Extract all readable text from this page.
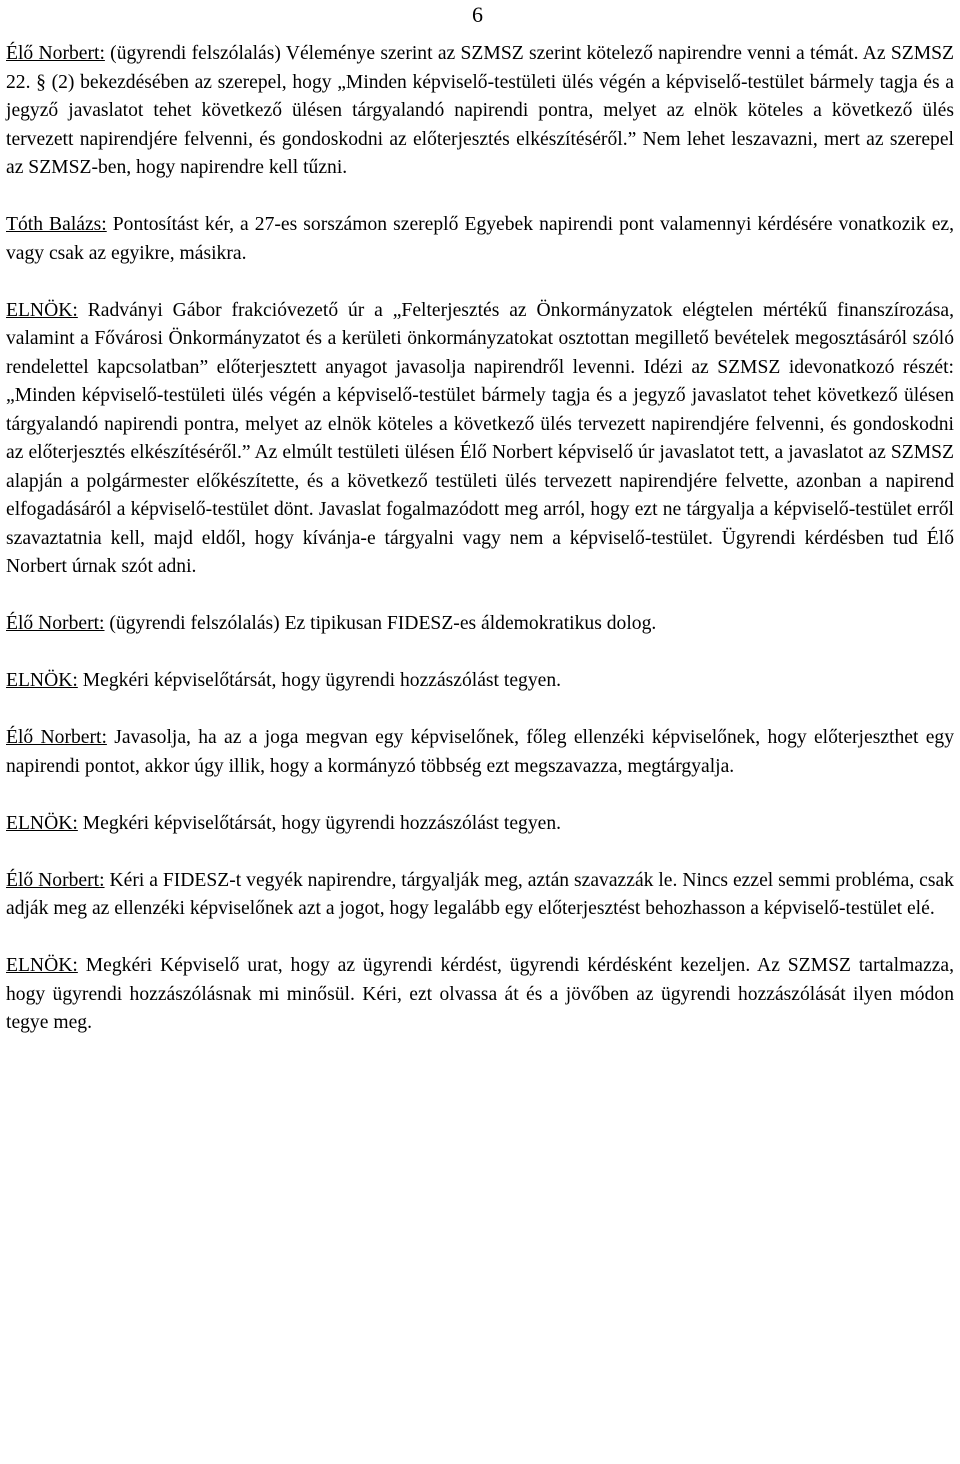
6

Élő Norbert: (ügyrendi felszólalás) Véleménye szerint az SZMSZ szerint kötelező napirendre venni a témát. Az SZMSZ 22. § (2) bekezdésében az szerepel, hogy „Minden képviselő-testületi ülés végén a képviselő-testület bármely tagja és a jegyző javaslatot tehet következő ülésen tárgyalandó napirendi pontra, melyet az elnök köteles a következő ülés tervezett napirendjére felvenni, és gondoskodni az előterjesztés elkészítéséről.” Nem lehet leszavazni, mert az szerepel az SZMSZ-ben, hogy napirendre kell tűzni.

Tóth Balázs: Pontosítást kér, a 27-es sorszámon szereplő Egyebek napirendi pont valamennyi kérdésére vonatkozik ez, vagy csak az egyikre, másikra.

ELNÖK: Radványi Gábor frakcióvezető úr a „Felterjesztés az Önkormányzatok elégtelen mértékű finanszírozása, valamint a Fővárosi Önkormányzatot és a kerületi önkormányzatokat osztottan megillető bevételek megosztásáról szóló rendelettel kapcsolatban” előterjesztett anyagot javasolja napirendről levenni. Idézi az SZMSZ idevonatkozó részét: „Minden képviselő-testületi ülés végén a képviselő-testület bármely tagja és a jegyző javaslatot tehet következő ülésen tárgyalandó napirendi pontra, melyet az elnök köteles a következő ülés tervezett napirendjére felvenni, és gondoskodni az előterjesztés elkészítéséről.” Az elmúlt testületi ülésen Élő Norbert képviselő úr javaslatot tett, a javaslatot az SZMSZ alapján a polgármester előkészítette, és a következő testületi ülés tervezett napirendjére felvette, azonban a napirend elfogadásáról a képviselő-testület dönt. Javaslat fogalmazódott meg arról, hogy ezt ne tárgyalja a képviselő-testület erről szavaztatnia kell, majd eldől, hogy kívánja-e tárgyalni vagy nem a képviselő-testület. Ügyrendi kérdésben tud Élő Norbert úrnak szót adni.

Élő Norbert: (ügyrendi felszólalás) Ez tipikusan FIDESZ-es áldemokratikus dolog.

ELNÖK: Megkéri képviselőtársát, hogy ügyrendi hozzászólást tegyen.

Élő Norbert: Javasolja, ha az a joga megvan egy képviselőnek, főleg ellenzéki képviselőnek, hogy előterjeszthet egy napirendi pontot, akkor úgy illik, hogy a kormányzó többség ezt megszavazza, megtárgyalja.

ELNÖK: Megkéri képviselőtársát, hogy ügyrendi hozzászólást tegyen.

Élő Norbert: Kéri a FIDESZ-t vegyék napirendre, tárgyalják meg, aztán szavazzák le. Nincs ezzel semmi probléma, csak adják meg az ellenzéki képviselőnek azt a jogot, hogy legalább egy előterjesztést behozhasson a képviselő-testület elé.

ELNÖK: Megkéri Képviselő urat, hogy az ügyrendi kérdést, ügyrendi kérdésként kezeljen. Az SZMSZ tartalmazza, hogy ügyrendi hozzászólásnak mi minősül. Kéri, ezt olvassa át és a jövőben az ügyrendi hozzászólását ilyen módon tegye meg.
